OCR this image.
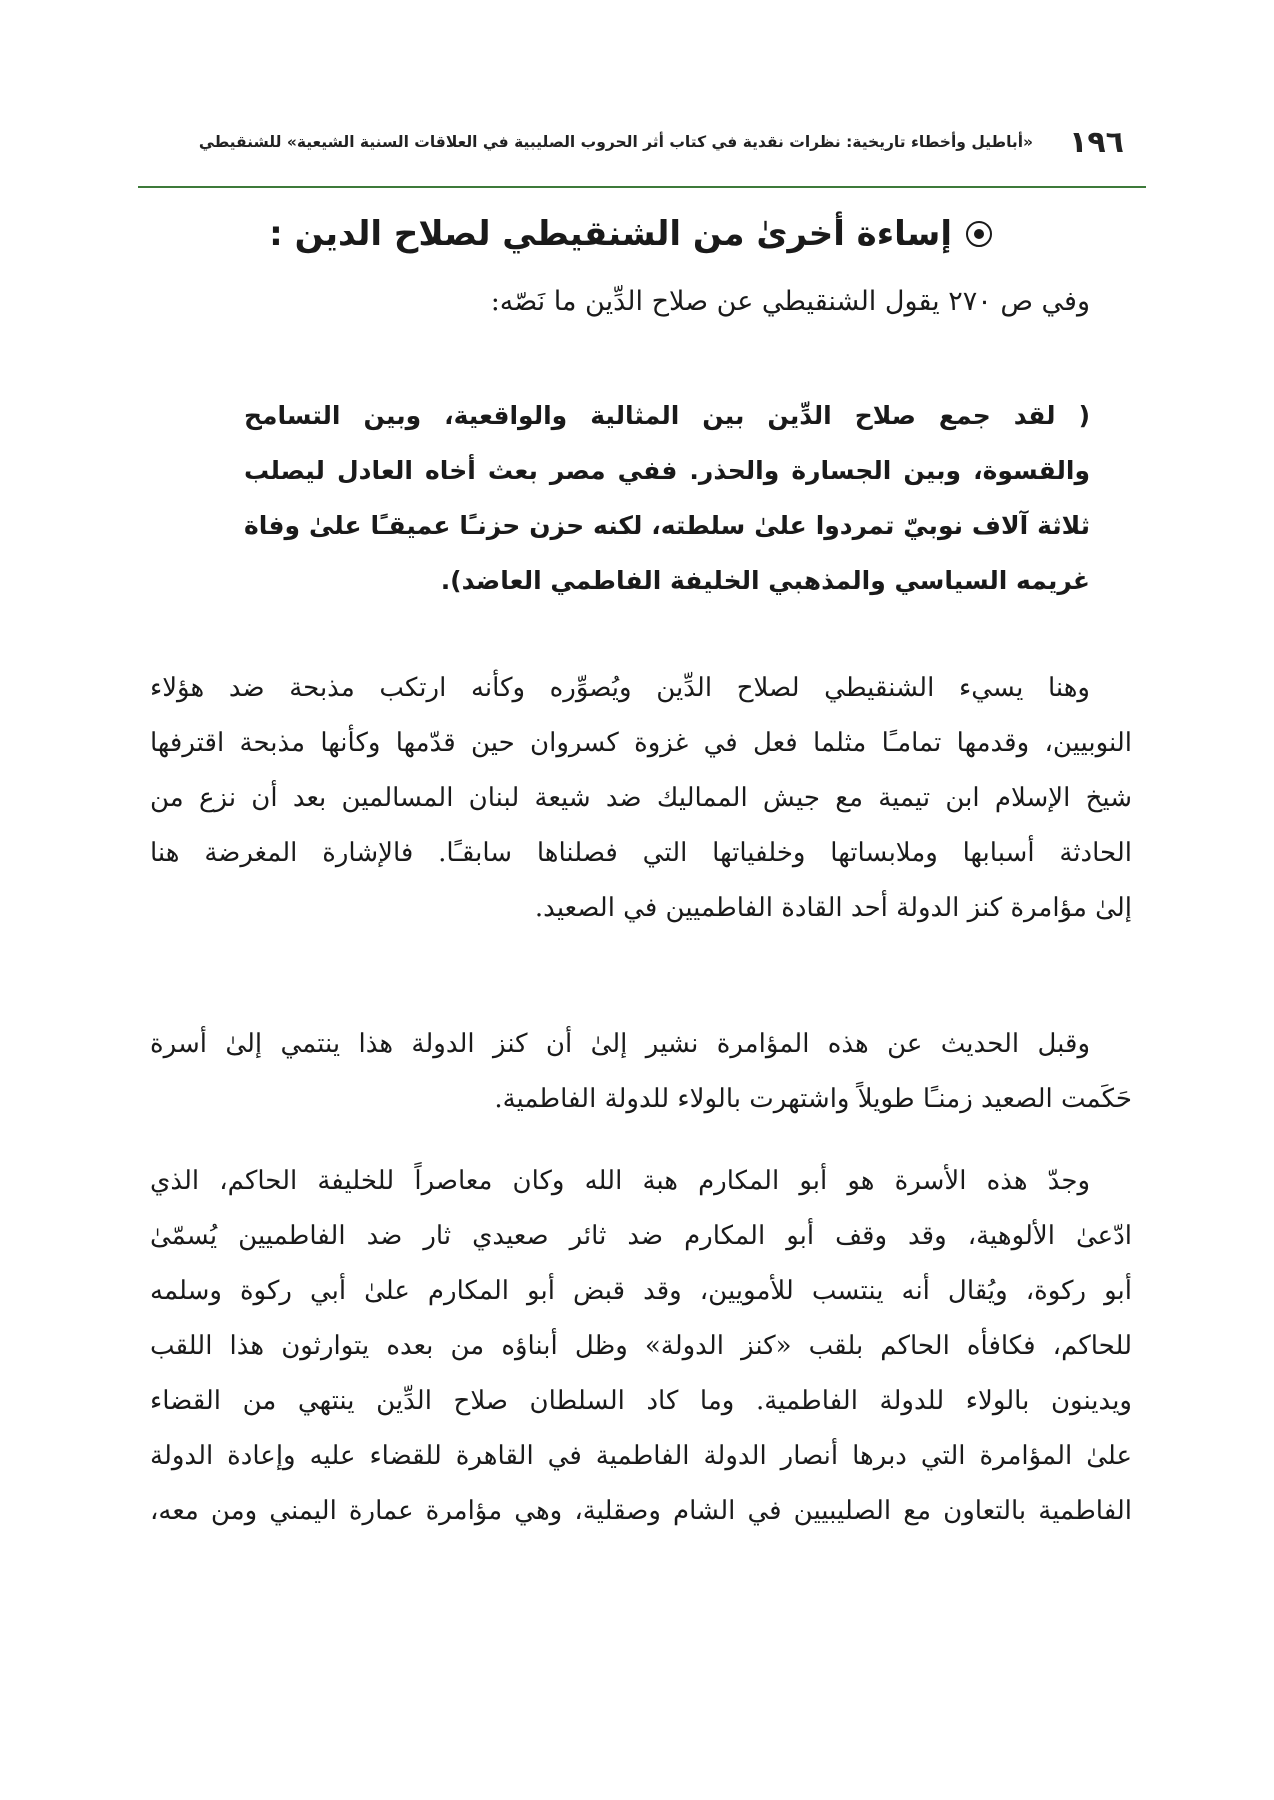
١٩٦
«أباطيل وأخطاء تاريخية: نظرات نقدية في كتاب أثر الحروب الصليبية في العلاقات السنية الشيعية» للشنقيطي
إساءة أخرىٰ من الشنقيطي لصلاح الدين :

وفي ص ٢٧٠ يقول الشنقيطي عن صلاح الدِّين ما نَصّه:

( لقد جمع صلاح الدِّين بين المثالية والواقعية، وبين التسامح
والقسوة، وبين الجسارة والحذر. ففي مصر بعث أخاه العادل ليصلب
ثلاثة آلاف نوبيّ تمردوا علىٰ سلطته، لكنه حزن حزنـًا عميقـًا علىٰ وفاة
غريمه السياسي والمذهبي الخليفة الفاطمي العاضد).
وهنا يسيء الشنقيطي لصلاح الدِّين ويُصوِّره وكأنه ارتكب مذبحة ضد هؤلاء
النوبيين، وقدمها تمامـًا مثلما فعل في غزوة كسروان حين قدّمها وكأنها مذبحة اقترفها
شيخ الإسلام ابن تيمية مع جيش المماليك ضد شيعة لبنان المسالمين بعد أن نزع من
الحادثة أسبابها وملابساتها وخلفياتها التي فصلناها سابقـًا. فالإشارة المغرضة هنا
إلىٰ مؤامرة كنز الدولة أحد القادة الفاطميين في الصعيد.
وقبل الحديث عن هذه المؤامرة نشير إلىٰ أن كنز الدولة هذا ينتمي إلىٰ أسرة
حَكَمت الصعيد زمنـًا طويلاً واشتهرت بالولاء للدولة الفاطمية.
وجدّ هذه الأسرة هو أبو المكارم هبة الله وكان معاصراً للخليفة الحاكم، الذي
ادّعىٰ الألوهية، وقد وقف أبو المكارم ضد ثائر صعيدي ثار ضد الفاطميين يُسمّىٰ
أبو ركوة، ويُقال أنه ينتسب للأمويين، وقد قبض أبو المكارم علىٰ أبي ركوة وسلمه
للحاكم، فكافأه الحاكم بلقب «كنز الدولة» وظل أبناؤه من بعده يتوارثون هذا اللقب
ويدينون بالولاء للدولة الفاطمية. وما كاد السلطان صلاح الدِّين ينتهي من القضاء
علىٰ المؤامرة التي دبرها أنصار الدولة الفاطمية في القاهرة للقضاء عليه وإعادة الدولة
الفاطمية بالتعاون مع الصليبيين في الشام وصقلية، وهي مؤامرة عمارة اليمني ومن معه،
